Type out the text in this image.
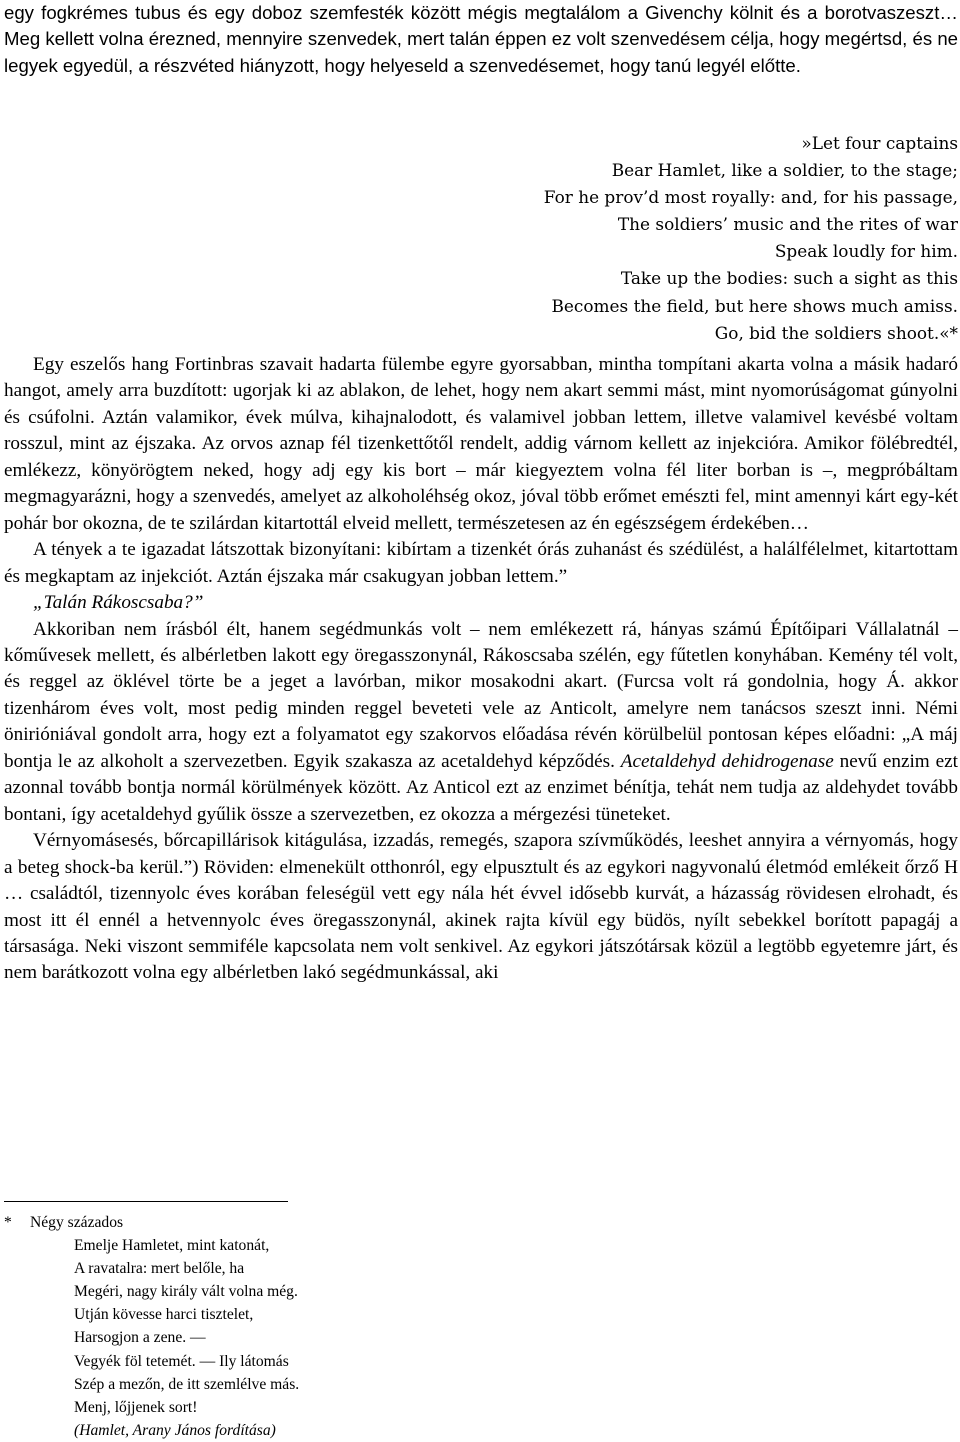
egy fogkrémes tubus és egy doboz szemfesték között mégis megtalálom a Givenchy kölnit és a borotvaszeszt… Meg kellett volna érezned, mennyire szenvedek, mert talán éppen ez volt szenvedésem célja, hogy megértsd, és ne legyek egyedül, a részvéted hiányzott, hogy helyeseld a szenvedésemet, hogy tanú legyél előtte.

»Let four captains
Bear Hamlet, like a soldier, to the stage;
For he prov’d most royally: and, for his passage,
The soldiers’ music and the rites of war
Speak loudly for him.
Take up the bodies: such a sight as this
Becomes the field, but here shows much amiss.
Go, bid the soldiers shoot.«*

Egy eszelős hang Fortinbras szavait hadarta fülembe egyre gyorsabban, mintha tompítani akarta volna a másik hadaró hangot, amely arra buzdított: ugorjak ki az ablakon, de lehet, hogy nem akart semmi mást, mint nyomorúságomat gúnyolni és csúfolni. Aztán valamikor, évek múlva, kihajnalodott, és valamivel jobban lettem, illetve valamivel kevésbé voltam rosszul, mint az éjszaka. Az orvos aznap fél tizenkettőtől rendelt, addig várnom kellett az injekcióra. Amikor fölébredtél, emlékezz, könyörögtem neked, hogy adj egy kis bort – már kiegyeztem volna fél liter borban is –, megpróbáltam megmagyarázni, hogy a szenvedés, amelyet az alkoholéhség okoz, jóval több erőmet emészti fel, mint amennyi kárt egy-két pohár bor okozna, de te szilárdan kitartottál elveid mellett, természetesen az én egészségem érdekében…

A tények a te igazadat látszottak bizonyítani: kibírtam a tizenkét órás zuhanást és szédülést, a halálfélelmet, kitartottam és megkaptam az injekciót. Aztán éjszaka már csakugyan jobban lettem.”

„Talán Rákoscsaba?”

Akkoriban nem írásból élt, hanem segédmunkás volt – nem emlékezett rá, hányas számú Építőipari Vállalatnál – kőművesek mellett, és albérletben lakott egy öregasszonynál, Rákoscsaba szélén, egy fűtetlen konyhában. Kemény tél volt, és reggel az öklével törte be a jeget a lavórban, mikor mosakodni akart. (Furcsa volt rá gondolnia, hogy Á. akkor tizenhárom éves volt, most pedig minden reggel beveteti vele az Anticolt, amelyre nem tanácsos szeszt inni. Némi önirióniával gondolt arra, hogy ezt a folyamatot egy szakorvos előadása révén körülbelül pontosan képes előadni: „A máj bontja le az alkoholt a szervezetben. Egyik szakasza az acetaldehyd képződés. Acetaldehyd dehidrogenase nevű enzim ezt azonnal tovább bontja normál körülmények között. Az Anticol ezt az enzimet bénítja, tehát nem tudja az aldehydet tovább bontani, így acetaldehyd gyűlik össze a szervezetben, ez okozza a mérgezési tüneteket.

Vérnyomásesés, bőrcapillárisok kitágulása, izzadás, remegés, szapora szívműködés, leeshet annyira a vérnyomás, hogy a beteg shock-ba kerül.”) Röviden: elmenekült otthonról, egy elpusztult és az egykori nagyvonalú életmód emlékeit őrző H … családtól, tizennyolc éves korában feleségül vett egy nála hét évvel idősebb kurvát, a házasság rövidesen elrohadt, és most itt él ennél a hetvennyolc éves öregasszonynál, akinek rajta kívül egy büdös, nyílt sebekkel borított papagáj a társasága. Neki viszont semmiféle kapcsolata nem volt senkivel. Az egykori játszótársak közül a legtöbb egyetemre járt, és nem barátkozott volna egy albérletben lakó segédmunkással, aki

* Négy százados
Emelje Hamletet, mint katonát,
A ravatalra: mert belőle, ha
Megéri, nagy király vált volna még.
Utján kövesse harci tisztelet,
Harsogjon a zene. —
Vegyék föl tetemét. — Ily látomás
Szép a mezőn, de itt szemlélve más.
Menj, lőjjenek sort!
(Hamlet, Arany János fordítása)
